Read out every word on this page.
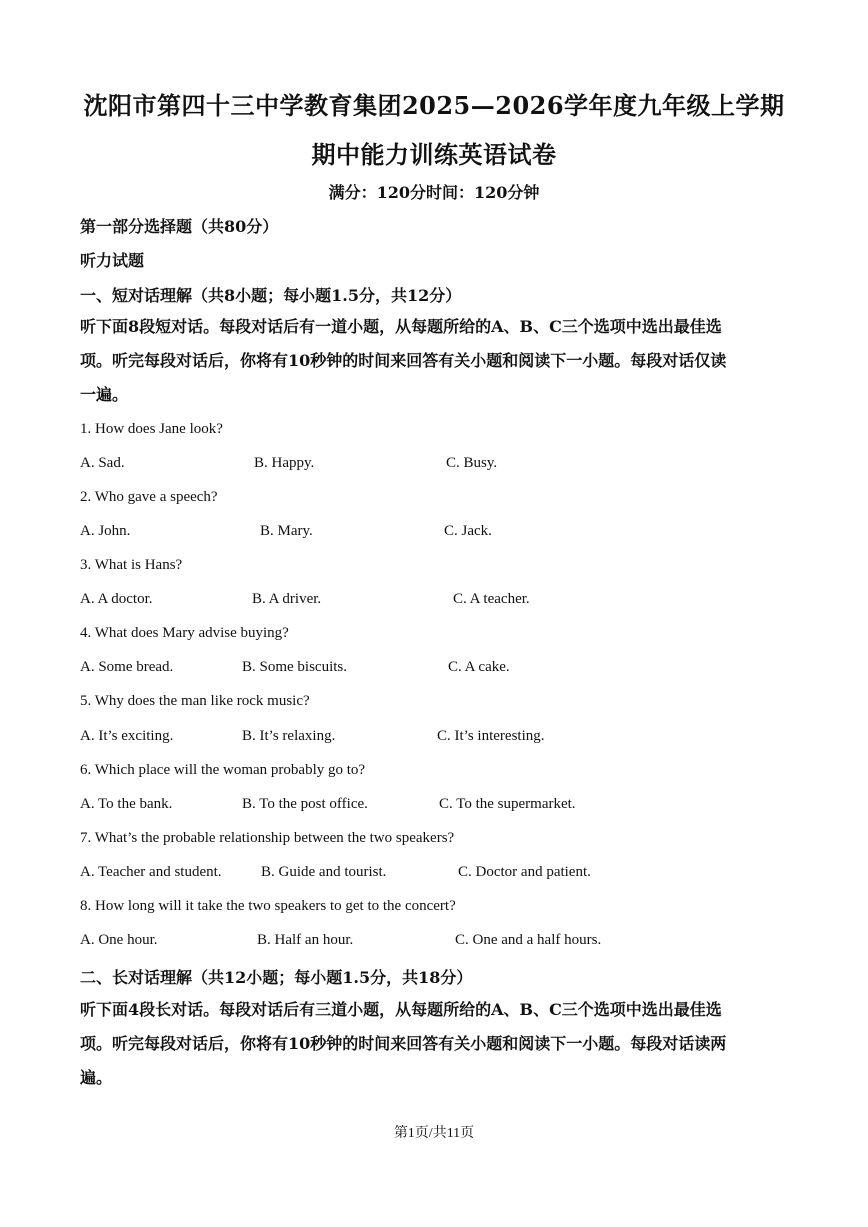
沈阳市第四十三中学教育集团2025—2026学年度九年级上学期
期中能力训练英语试卷
满分：120分时间：120分钟
第一部分选择题（共80分）
听力试题
一、短对话理解（共8小题；每小题1.5分，共12分）
听下面8段短对话。每段对话后有一道小题，从每题所给的A、B、C三个选项中选出最佳选
项。听完每段对话后，你将有10秒钟的时间来回答有关小题和阅读下一小题。每段对话仅读
一遍。
1. How does Jane look?
A. Sad.	B. Happy.	C. Busy.
2. Who gave a speech?
A. John.	B. Mary.	C. Jack.
3. What is Hans?
A. A doctor.	B. A driver.	C. A teacher.
4. What does Mary advise buying?
A. Some bread.	B. Some biscuits.	C. A cake.
5. Why does the man like rock music?
A. It’s exciting.	B. It’s relaxing.	C. It’s interesting.
6. Which place will the woman probably go to?
A. To the bank.	B. To the post office.	C. To the supermarket.
7. What’s the probable relationship between the two speakers?
A. Teacher and student.	B. Guide and tourist.	C. Doctor and patient.
8. How long will it take the two speakers to get to the concert?
A. One hour.	B. Half an hour.	C. One and a half hours.
二、长对话理解（共12小题；每小题1.5分，共18分）
听下面4段长对话。每段对话后有三道小题，从每题所给的A、B、C三个选项中选出最佳选
项。听完每段对话后，你将有10秒钟的时间来回答有关小题和阅读下一小题。每段对话读两
遍。
第1页/共11页
